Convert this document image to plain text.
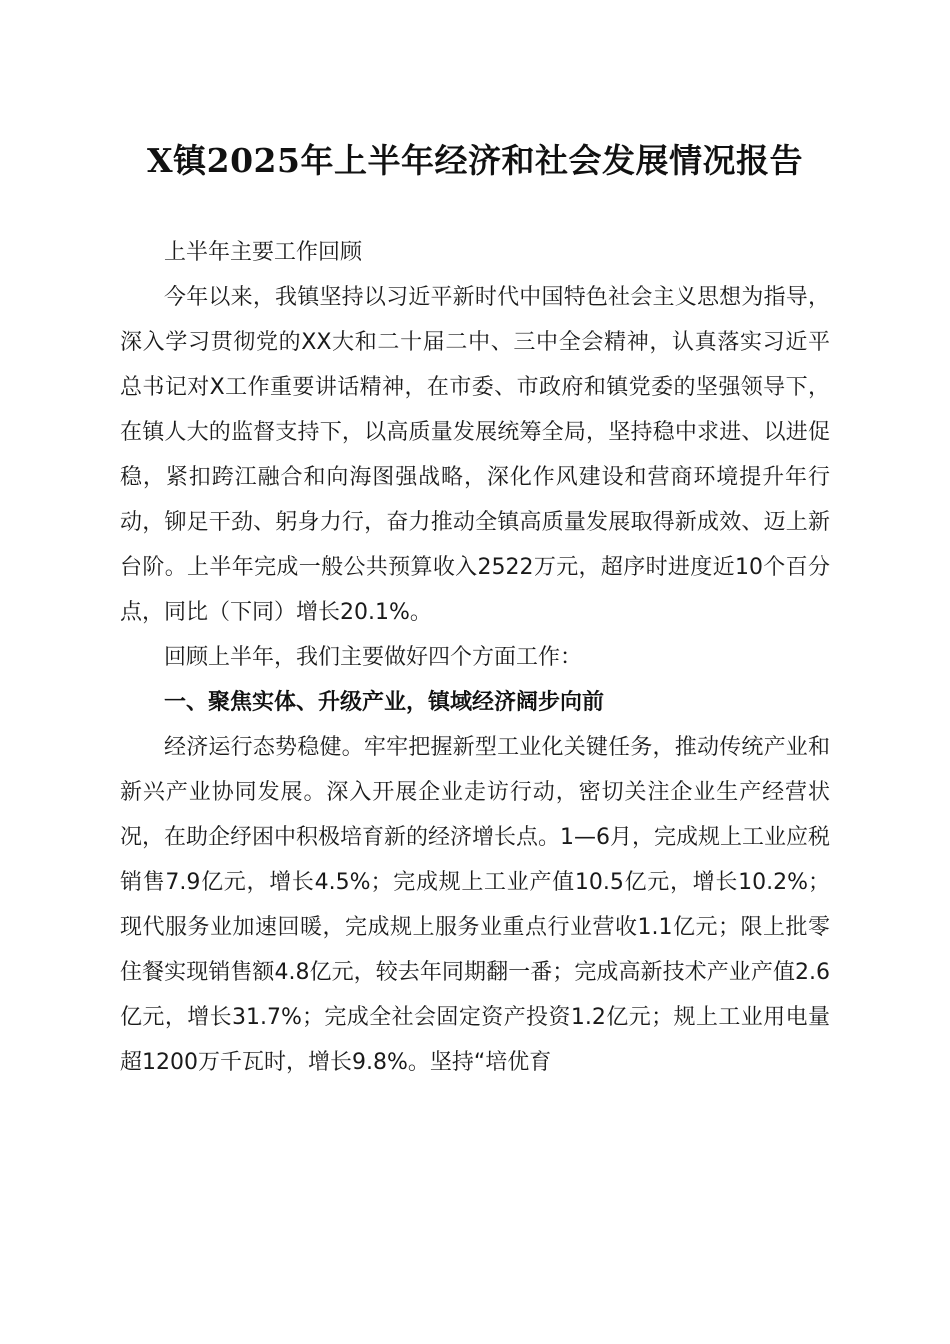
X镇2025年上半年经济和社会发展情况报告

上半年主要工作回顾

今年以来，我镇坚持以习近平新时代中国特色社会主义思想为指导，深入学习贯彻党的XX大和二十届二中、三中全会精神，认真落实习近平总书记对X工作重要讲话精神，在市委、市政府和镇党委的坚强领导下，在镇人大的监督支持下，以高质量发展统筹全局，坚持稳中求进、以进促稳，紧扣跨江融合和向海图强战略，深化作风建设和营商环境提升年行动，铆足干劲、躬身力行，奋力推动全镇高质量发展取得新成效、迈上新台阶。上半年完成一般公共预算收入2522万元，超序时进度近10个百分点，同比（下同）增长20.1%。

回顾上半年，我们主要做好四个方面工作：

一、聚焦实体、升级产业，镇域经济阔步向前

经济运行态势稳健。牢牢把握新型工业化关键任务，推动传统产业和新兴产业协同发展。深入开展企业走访行动，密切关注企业生产经营状况，在助企纾困中积极培育新的经济增长点。1—6月，完成规上工业应税销售7.9亿元，增长4.5%；完成规上工业产值10.5亿元，增长10.2%；现代服务业加速回暖，完成规上服务业重点行业营收1.1亿元；限上批零住餐实现销售额4.8亿元，较去年同期翻一番；完成高新技术产业产值2.6亿元，增长31.7%；完成全社会固定资产投资1.2亿元；规上工业用电量超1200万千瓦时，增长9.8%。坚持“培优育
